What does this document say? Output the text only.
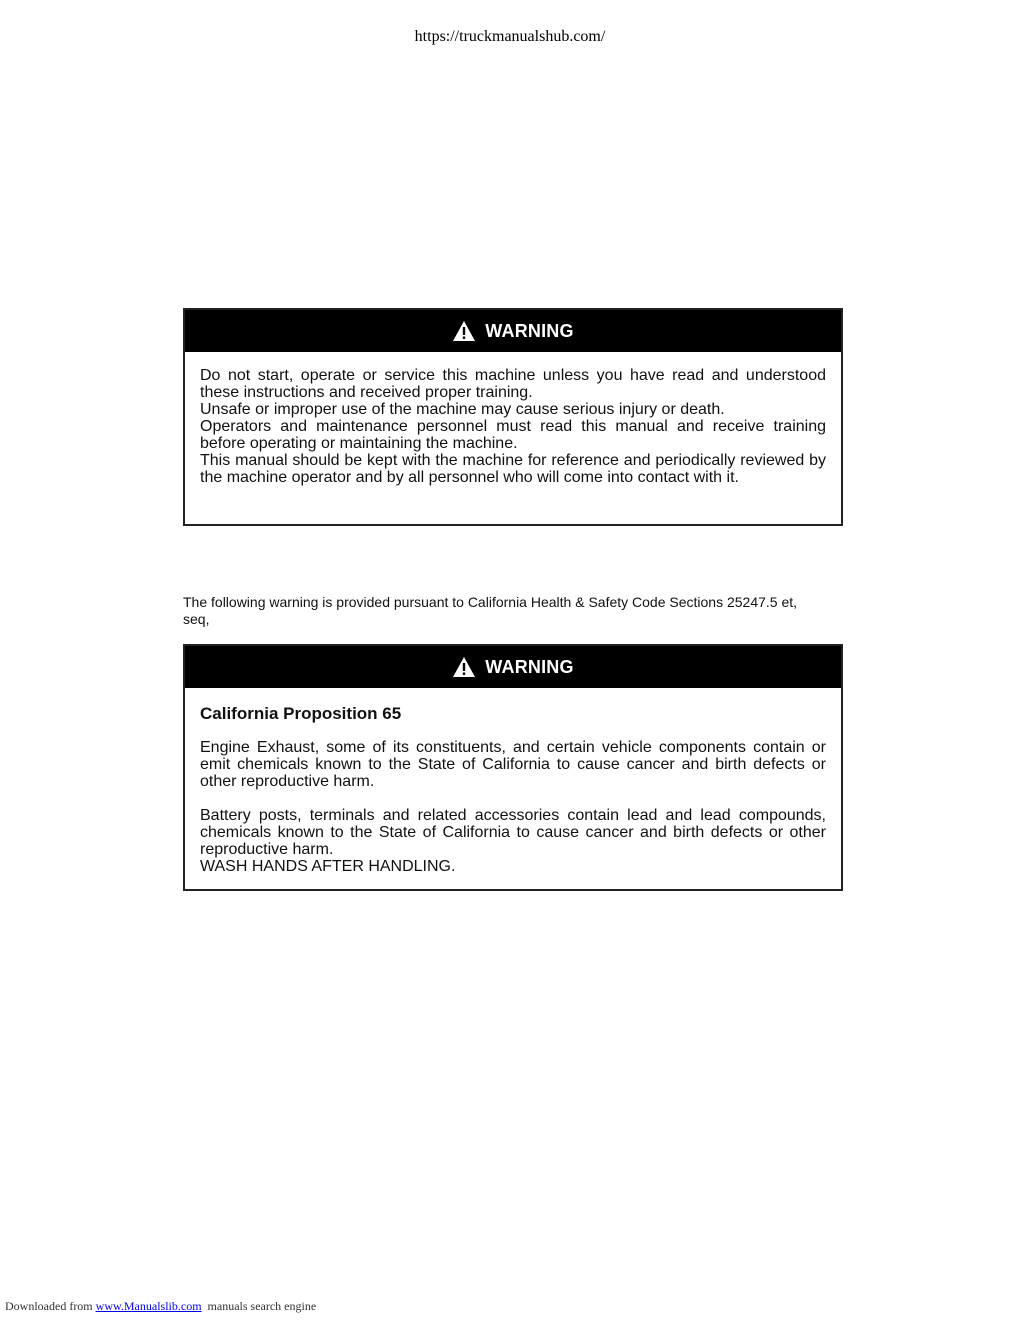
https://truckmanualshub.com/
WARNING

Do not start, operate or service this machine unless you have read and understood these instructions and received proper training.

Unsafe or improper use of the machine may cause serious injury or death.

Operators and maintenance personnel must read this manual and receive training before operating or maintaining the machine.

This manual should be kept with the machine for reference and periodically reviewed by the machine operator and by all personnel who will come into contact with it.

The following warning is provided pursuant to California Health & Safety Code Sections 25247.5 et, seq,
WARNING

California Proposition 65

Engine Exhaust, some of its constituents, and certain vehicle components contain or emit chemicals known to the State of California to cause cancer and birth defects or other reproductive harm.

Battery posts, terminals and related accessories contain lead and lead compounds, chemicals known to the State of California to cause cancer and birth defects or other reproductive harm.

WASH HANDS AFTER HANDLING.

Downloaded from www.Manualslib.com manuals search engine
